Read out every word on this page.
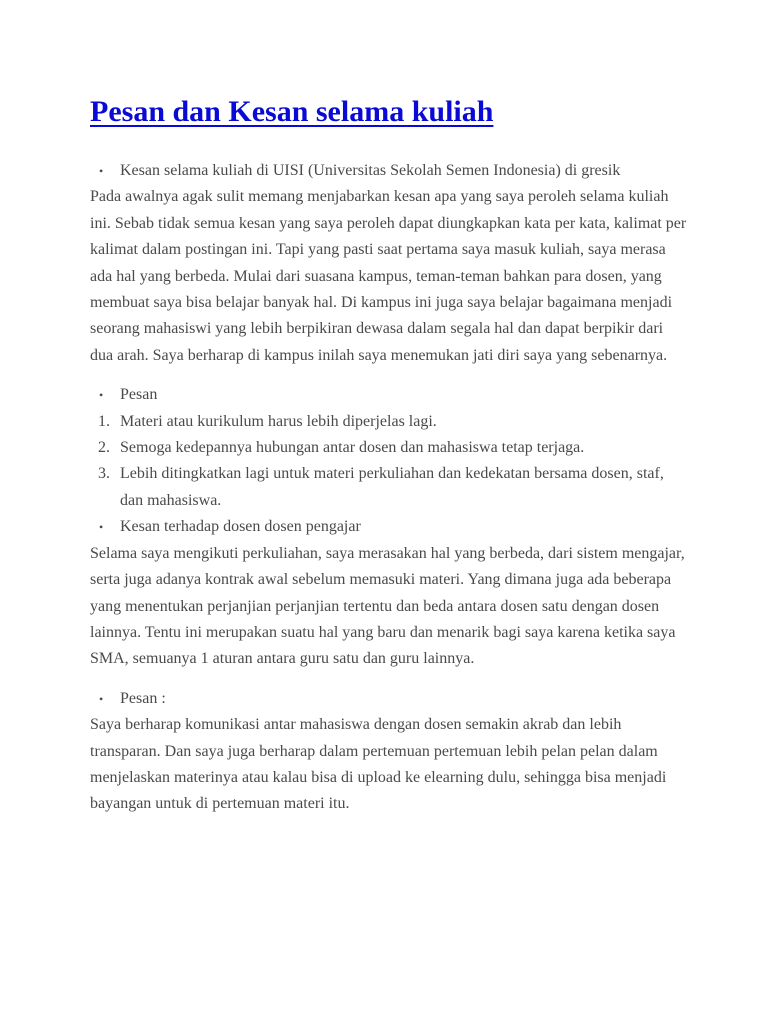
Pesan dan Kesan selama kuliah
• Kesan selama kuliah di UISI (Universitas Sekolah Semen Indonesia) di gresik

Pada awalnya agak sulit memang menjabarkan kesan apa yang saya peroleh selama kuliah ini. Sebab tidak semua kesan yang saya peroleh dapat diungkapkan kata per kata, kalimat per kalimat dalam postingan ini. Tapi yang pasti saat pertama saya masuk kuliah, saya merasa ada hal yang berbeda. Mulai dari suasana kampus, teman-teman bahkan para dosen, yang membuat saya bisa belajar banyak hal. Di kampus ini juga saya belajar bagaimana menjadi seorang mahasiswi yang lebih berpikiran dewasa dalam segala hal dan dapat berpikir dari dua arah. Saya berharap di kampus inilah saya menemukan jati diri saya yang sebenarnya.

• Pesan
1. Materi atau kurikulum harus lebih diperjelas lagi.
2. Semoga kedepannya hubungan antar dosen dan mahasiswa tetap terjaga.
3. Lebih ditingkatkan lagi untuk materi perkuliahan dan kedekatan bersama dosen, staf, dan mahasiswa.
• Kesan terhadap dosen dosen pengajar

Selama saya mengikuti perkuliahan, saya merasakan hal yang berbeda, dari sistem mengajar, serta juga adanya kontrak awal sebelum memasuki materi. Yang dimana juga ada beberapa yang menentukan perjanjian perjanjian tertentu dan beda antara dosen satu dengan dosen lainnya. Tentu ini merupakan suatu hal yang baru dan menarik bagi saya karena ketika saya SMA, semuanya 1 aturan antara guru satu dan guru lainnya.

• Pesan :

Saya berharap komunikasi antar mahasiswa dengan dosen semakin akrab dan lebih transparan. Dan saya juga berharap dalam pertemuan pertemuan lebih pelan pelan dalam menjelaskan materinya atau kalau bisa di upload ke elearning dulu, sehingga bisa menjadi bayangan untuk di pertemuan materi itu.
